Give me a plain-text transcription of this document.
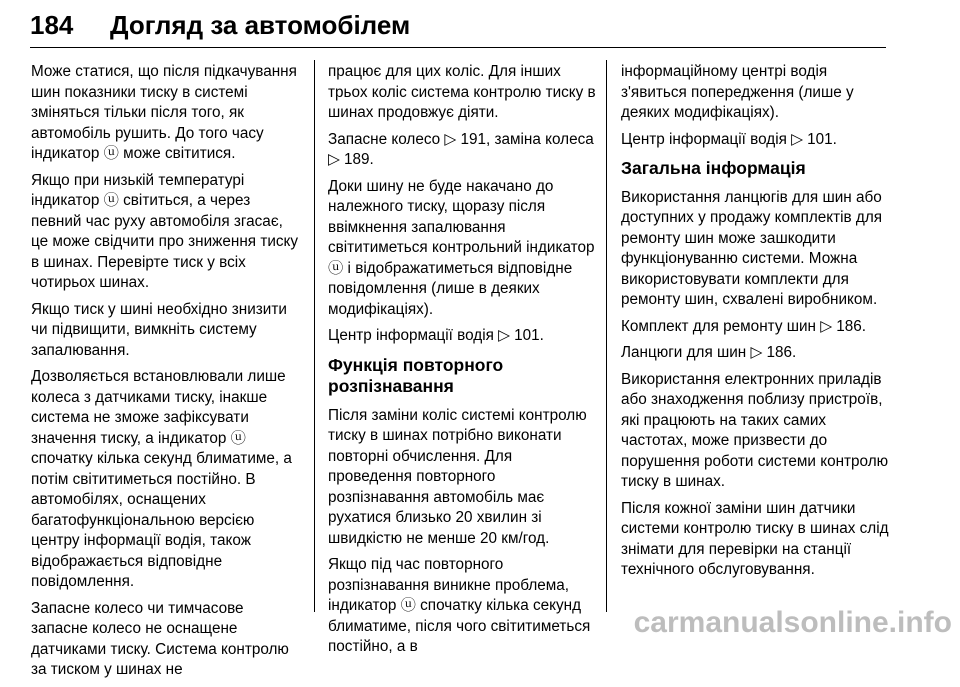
184 Догляд за автомобілем

Може статися, що після підкачування шин показники тиску в системі зміняться тільки після того, як автомобіль рушить. До того часу індикатор ⓤ може світитися.

Якщо при низькій температурі індикатор ⓤ світиться, а через певний час руху автомобіля згасає, це може свідчити про зниження тиску в шинах. Перевірте тиск у всіх чотирьох шинах.

Якщо тиск у шині необхідно знизити чи підвищити, вимкніть систему запалювання.

Дозволяється встановлювали лише колеса з датчиками тиску, інакше система не зможе зафіксувати значення тиску, а індикатор ⓤ спочатку кілька секунд блиматиме, а потім світитиметься постійно. В автомобілях, оснащених багатофункціональною версією центру інформації водія, також відображається відповідне повідомлення.

Запасне колесо чи тимчасове запасне колесо не оснащене датчиками тиску. Система контролю за тиском у шинах не

працює для цих коліс. Для інших трьох коліс система контролю тиску в шинах продовжує діяти.

Запасне колесо ▷ 191, заміна колеса ▷ 189.

Доки шину не буде накачано до належного тиску, щоразу після ввімкнення запалювання світитиметься контрольний індикатор ⓤ і відображатиметься відповідне повідомлення (лише в деяких модифікаціях).

Центр інформації водія ▷ 101.

Функція повторного розпізнавання

Після заміни коліс системі контролю тиску в шинах потрібно виконати повторні обчислення. Для проведення повторного розпізнавання автомобіль має рухатися близько 20 хвилин зі швидкістю не менше 20 км/год.

Якщо під час повторного розпізнавання виникне проблема, індикатор ⓤ спочатку кілька секунд блиматиме, після чого світитиметься постійно, а в

інформаційному центрі водія з'явиться попередження (лише у деяких модифікаціях).

Центр інформації водія ▷ 101.

Загальна інформація

Використання ланцюгів для шин або доступних у продажу комплектів для ремонту шин може зашкодити функціонуванню системи. Можна використовувати комплекти для ремонту шин, схвалені виробником.

Комплект для ремонту шин ▷ 186.

Ланцюги для шин ▷ 186.

Використання електронних приладів або знаходження поблизу пристроїв, які працюють на таких самих частотах, може призвести до порушення роботи системи контролю тиску в шинах.

Після кожної заміни шин датчики системи контролю тиску в шинах слід знімати для перевірки на станції технічного обслуговування.

carmanualsonline.info
